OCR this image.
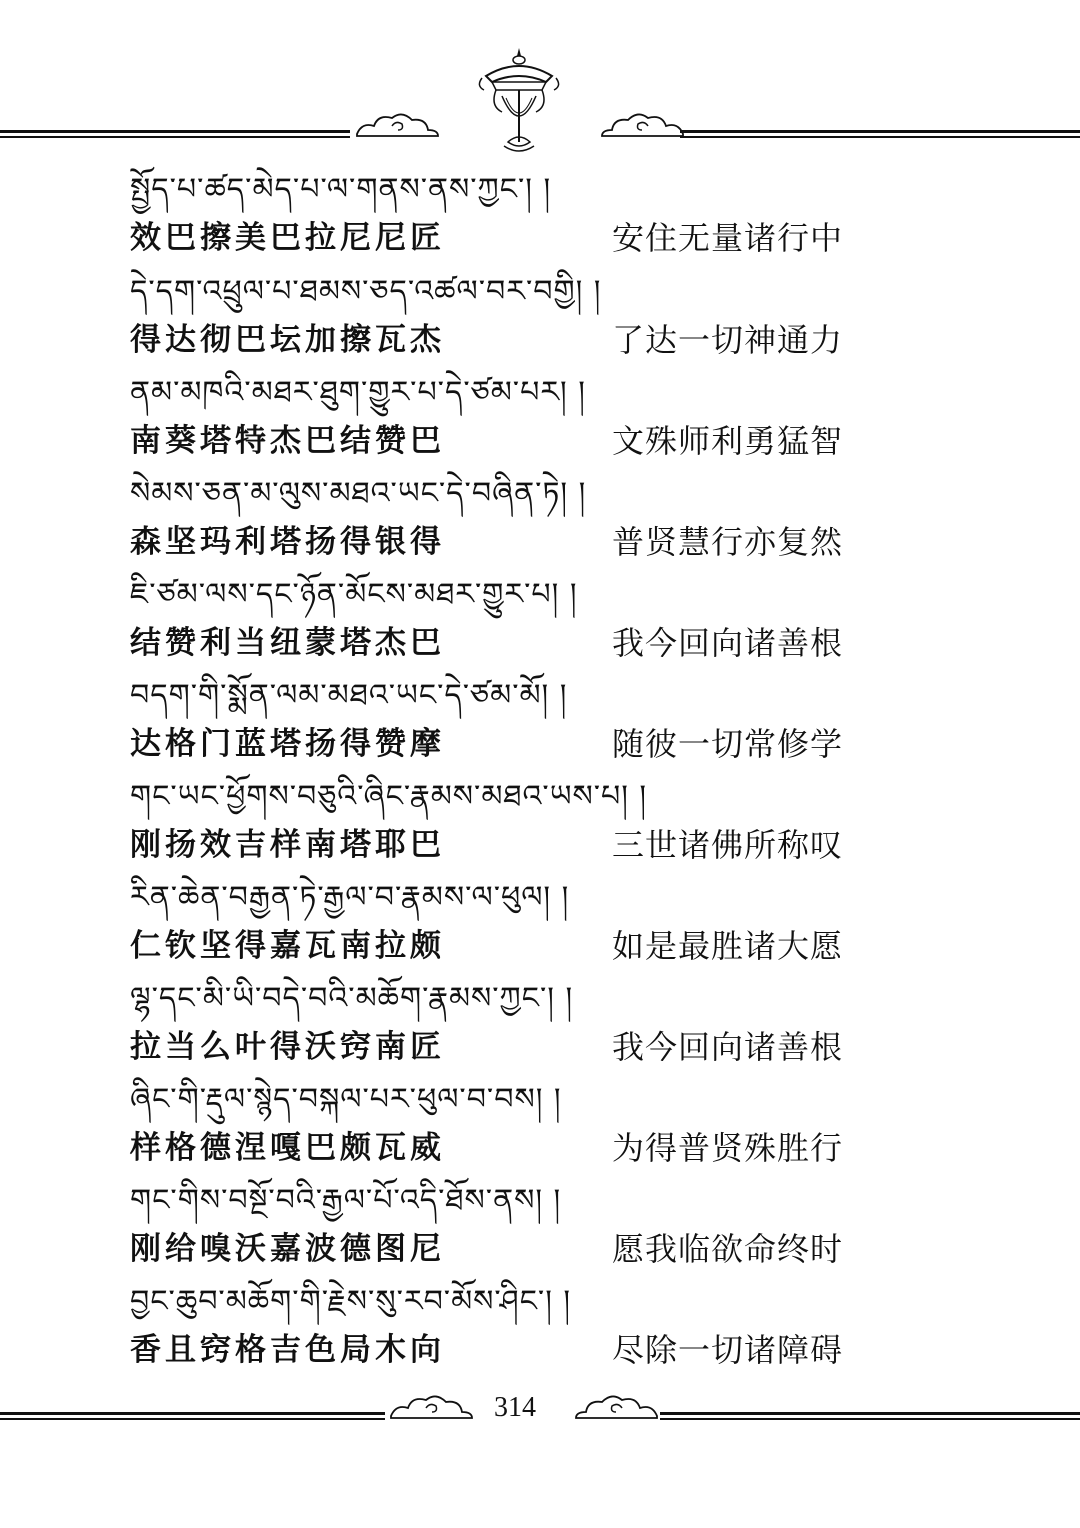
སྤྱོད་པ་ཚད་མེད་པ་ལ་གནས་ནས་ཀྱང་། །
效巴擦美巴拉尼尼匠	安住无量诸行中
དེ་དག་འཕྲུལ་པ་ཐམས་ཅད་འཚལ་བར་བགྱི། །
得达彻巴坛加擦瓦杰	了达一切神通力
ནམ་མཁའི་མཐར་ཐུག་གྱུར་པ་དེ་ཙམ་པར། །
南葵塔特杰巴结赞巴	文殊师利勇猛智
སེམས་ཅན་མ་ལུས་མཐའ་ཡང་དེ་བཞིན་ཏེ། །
森坚玛利塔扬得银得	普贤慧行亦复然
ཇི་ཙམ་ལས་དང་ཉོན་མོངས་མཐར་གྱུར་པ། །
结赞利当纽蒙塔杰巴	我今回向诸善根
བདག་གི་སྨོན་ལམ་མཐའ་ཡང་དེ་ཙམ་མོ། །
达格门蓝塔扬得赞摩	随彼一切常修学
གང་ཡང་ཕྱོགས་བཅུའི་ཞིང་རྣམས་མཐའ་ཡས་པ། །
刚扬效吉样南塔耶巴	三世诸佛所称叹
རིན་ཆེན་བརྒྱན་ཏེ་རྒྱལ་བ་རྣམས་ལ་ཕུལ། །
仁钦坚得嘉瓦南拉颇	如是最胜诸大愿
ལྷ་དང་མི་ཡི་བདེ་བའི་མཆོག་རྣམས་ཀྱང་། །
拉当么叶得沃窍南匠	我今回向诸善根
ཞིང་གི་རྡུལ་སྙེད་བསྐལ་པར་ཕུལ་བ་བས། །
样格德涅嘎巴颇瓦威	为得普贤殊胜行
གང་གིས་བསྔོ་བའི་རྒྱལ་པོ་འདི་ཐོས་ནས། །
刚给嗅沃嘉波德图尼	愿我临欲命终时
བྱང་ཆུབ་མཆོག་གི་རྗེས་སུ་རབ་མོས་ཤིང་། །
香且窍格吉色局木向	尽除一切诸障碍
314
